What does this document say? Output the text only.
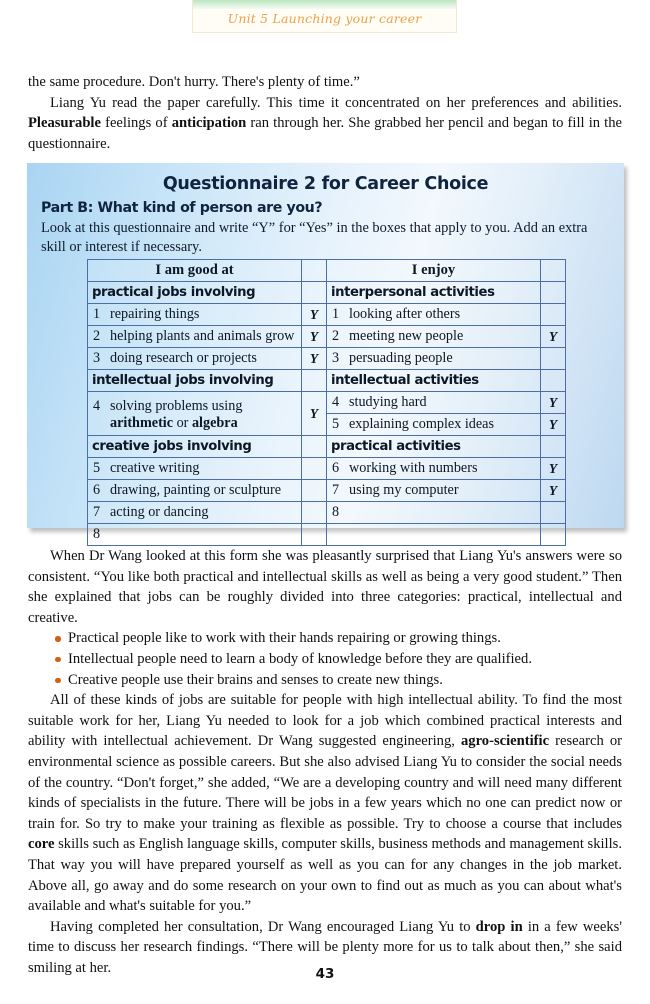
Unit 5 Launching your career

the same procedure. Don't hurry. There's plenty of time.”

Liang Yu read the paper carefully. This time it concentrated on her preferences and abilities. Pleasurable feelings of anticipation ran through her. She grabbed her pencil and began to fill in the questionnaire.

Questionnaire 2 for Career Choice
Part B: What kind of person are you?
Look at this questionnaire and write “Y” for “Yes” in the boxes that apply to you. Add an extra skill or interest if necessary.
I am good at		I enjoy	
practical jobs involving		interpersonal activities	
1 repairing things	Y	1 looking after others	
2 helping plants and animals grow	Y	2 meeting new people	Y
3 doing research or projects	Y	3 persuading people	
intellectual jobs involving		intellectual activities	

4 solving problems using
arithmetic or algebra	Y	4 studying hard	Y
		5 explaining complex ideas	Y
creative jobs involving		practical activities	
5 creative writing		6 working with numbers	Y
6 drawing, painting or sculpture		7 using my computer	Y
7 acting or dancing		8	
8			

When Dr Wang looked at this form she was pleasantly surprised that Liang Yu's answers were so consistent. “You like both practical and intellectual skills as well as being a very good student.” Then she explained that jobs can be roughly divided into three categories: practical, intellectual and creative.

Practical people like to work with their hands repairing or growing things.
Intellectual people need to learn a body of knowledge before they are qualified.
Creative people use their brains and senses to create new things.

All of these kinds of jobs are suitable for people with high intellectual ability. To find the most suitable work for her, Liang Yu needed to look for a job which combined practical interests and ability with intellectual achievement. Dr Wang suggested engineering, agro-scientific research or environmental science as possible careers. But she also advised Liang Yu to consider the social needs of the country. “Don't forget,” she added, “We are a developing country and will need many different kinds of specialists in the future. There will be jobs in a few years which no one can predict now or train for. So try to make your training as flexible as possible. Try to choose a course that includes core skills such as English language skills, computer skills, business methods and management skills. That way you will have prepared yourself as well as you can for any changes in the job market. Above all, go away and do some research on your own to find out as much as you can about what's available and what's suitable for you.”

Having completed her consultation, Dr Wang encouraged Liang Yu to drop in in a few weeks' time to discuss her research findings. “There will be plenty more for us to talk about then,” she said smiling at her.	43
